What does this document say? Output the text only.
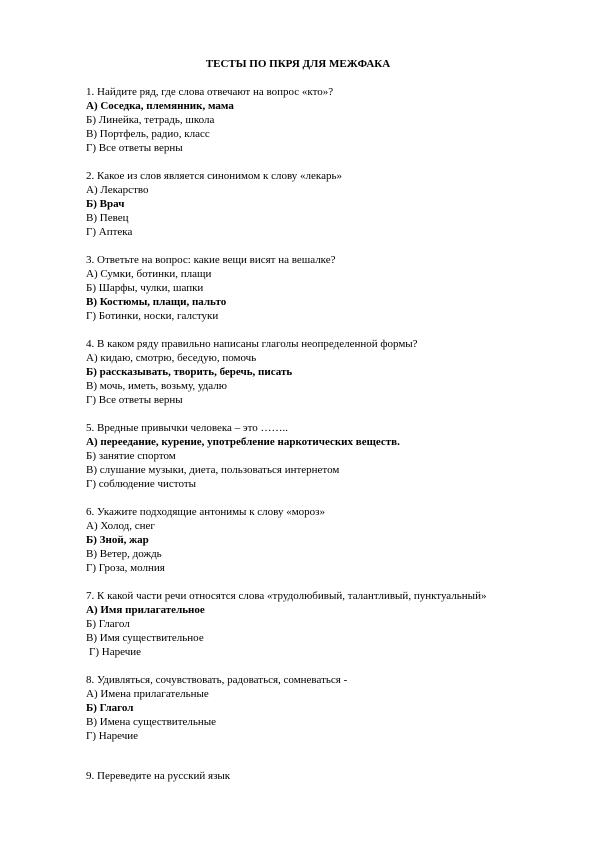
ТЕСТЫ ПО ПКРЯ ДЛЯ МЕЖФАКА
1. Найдите ряд, где слова отвечают на вопрос «кто»?
А) Соседка, племянник, мама
Б) Линейка, тетрадь, школа
В) Портфель, радио, класс
Г) Все ответы верны
2. Какое из слов является синонимом к слову «лекарь»
А) Лекарство
Б) Врач
В) Певец
Г) Аптека
3. Ответьте на вопрос: какие вещи висят на вешалке?
А) Сумки, ботинки, плащи
Б) Шарфы, чулки, шапки
В) Костюмы, плащи, пальто
Г) Ботинки, носки, галстуки
4. В каком ряду правильно написаны глаголы неопределенной формы?
А) кидаю, смотрю, беседую, помочь
Б) рассказывать, творить, беречь, писать
В) мочь, иметь, возьму, удалю
Г) Все ответы верны
5. Вредные привычки человека – это ……..
А) переедание, курение, употребление наркотических веществ.
Б) занятие спортом
В) слушание музыки, диета, пользоваться интернетом
Г) соблюдение чистоты
6. Укажите подходящие антонимы к слову «мороз»
А) Холод, снег
Б) Зной, жар
В) Ветер, дождь
Г) Гроза, молния
7. К какой части речи относятся слова «трудолюбивый, талантливый, пунктуальный»
А) Имя прилагательное
Б) Глагол
В) Имя существительное
Г) Наречие
8. Удивляться, сочувствовать, радоваться, сомневаться -
А) Имена прилагательные
Б) Глагол
В) Имена существительные
Г) Наречие
9. Переведите на русский язык
